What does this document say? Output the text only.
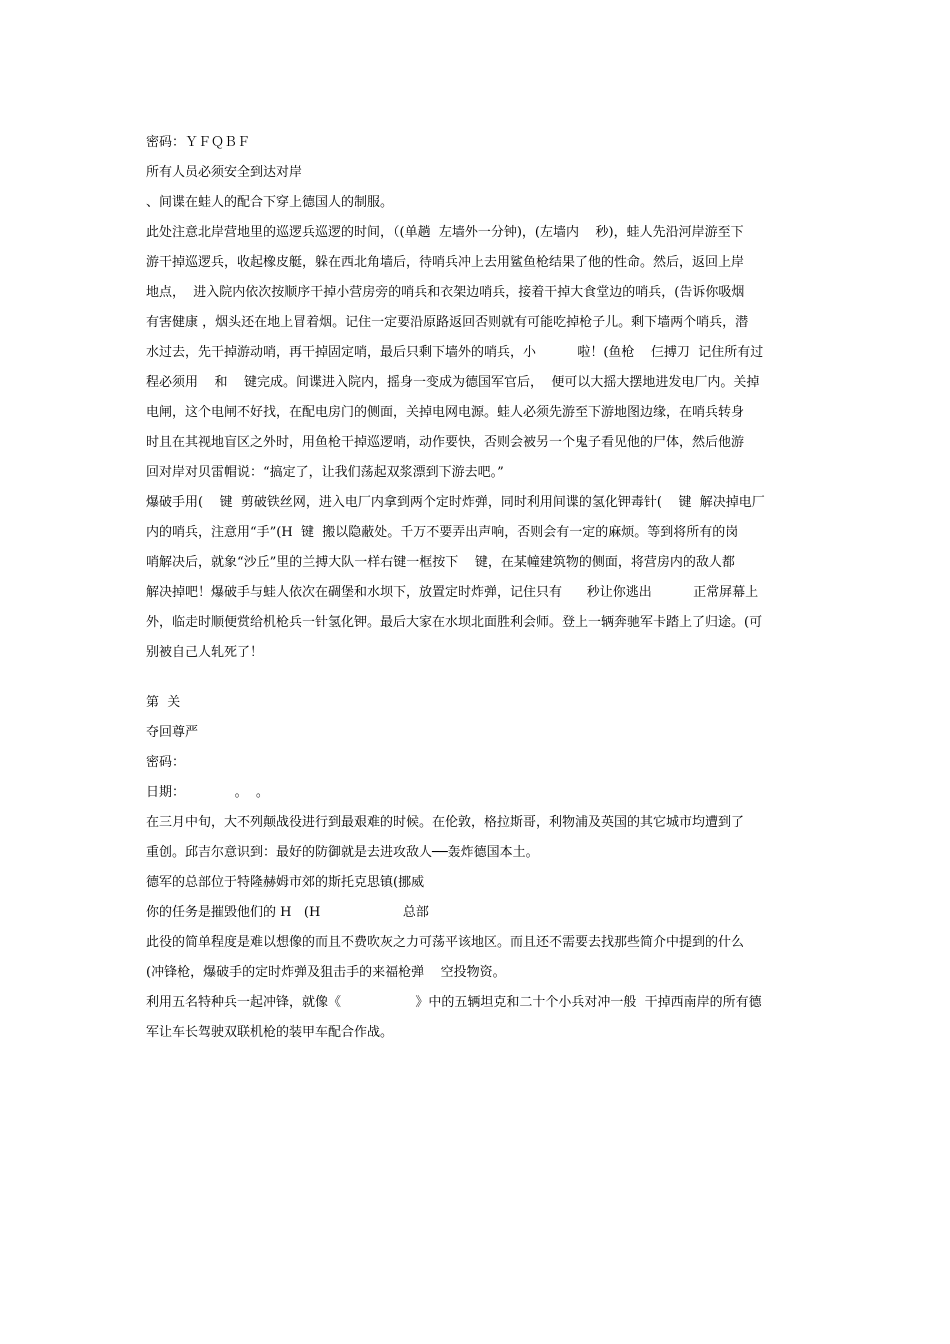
密码：ＹＦＱＢＦ

所有人员必须安全到达对岸

、间谍在蛙人的配合下穿上德国人的制服。

此处注意北岸营地里的巡逻兵巡逻的时间，（(单趟  左墙外一分钟)，(左墙内    秒)，蛙人先沿河岸游至下

游干掉巡逻兵，收起橡皮艇，躲在西北角墙后，待哨兵冲上去用鲨鱼枪结果了他的性命。然后，返回上岸

地点，  进入院内依次按顺序干掉小营房旁的哨兵和衣架边哨兵，接着干掉大食堂边的哨兵，(告诉你吸烟

有害健康 ，烟头还在地上冒着烟。记住一定要沿原路返回否则就有可能吃掉枪子儿。剩下墙两个哨兵，潜

水过去，先干掉游动哨，再干掉固定哨，最后只剩下墙外的哨兵，小          啦！(鱼枪    仨搏刀  记住所有过

程必须用    和    键完成。间谍进入院内，摇身一变成为德国军官后，  便可以大摇大摆地进发电厂内。关掉

电闸，这个电闸不好找，在配电房门的侧面，关掉电网电源。蛙人必须先游至下游地图边缘，在哨兵转身

时且在其视地盲区之外时，用鱼枪干掉巡逻哨，动作要快，否则会被另一个鬼子看见他的尸体，然后他游

回对岸对贝雷帽说：“搞定了，让我们荡起双浆漂到下游去吧。”

爆破手用(    键  剪破铁丝网，进入电厂内拿到两个定时炸弹，同时利用间谍的氢化钾毒针(    键  解决掉电厂

内的哨兵，注意用“手”(H  键  搬以隐蔽处。千万不要弄出声响，否则会有一定的麻烦。等到将所有的岗

哨解决后，就象“沙丘”里的兰搏大队一样右键一框按下    键，在某幢建筑物的侧面，将营房内的敌人都

解决掉吧！爆破手与蛙人依次在碉堡和水坝下，放置定时炸弹，记住只有      秒让你逃出          正常屏幕上

外，临走时顺便赏给机枪兵一针氢化钾。最后大家在水坝北面胜利会师。登上一辆奔驰军卡踏上了归途。(可

别被自己人轧死了！

第  关

夺回尊严

密码：

日期：            。  。

在三月中旬，大不列颠战役进行到最艰难的时候。在伦敦，格拉斯哥，利物浦及英国的其它城市均遭到了

重创。邱吉尔意识到：最好的防御就是去进攻敌人──轰炸德国本土。

德军的总部位于特隆赫姆市郊的斯托克思镇(挪威

你的任务是摧毁他们的 H   (H                    总部

此役的简单程度是难以想像的而且不费吹灰之力可荡平该地区。而且还不需要去找那些简介中提到的什么

(冲锋枪，爆破手的定时炸弹及狙击手的来福枪弹    空投物资。

利用五名特种兵一起冲锋，就像《                  》中的五辆坦克和二十个小兵对冲一般  干掉西南岸的所有德

军让车长驾驶双联机枪的装甲车配合作战。
